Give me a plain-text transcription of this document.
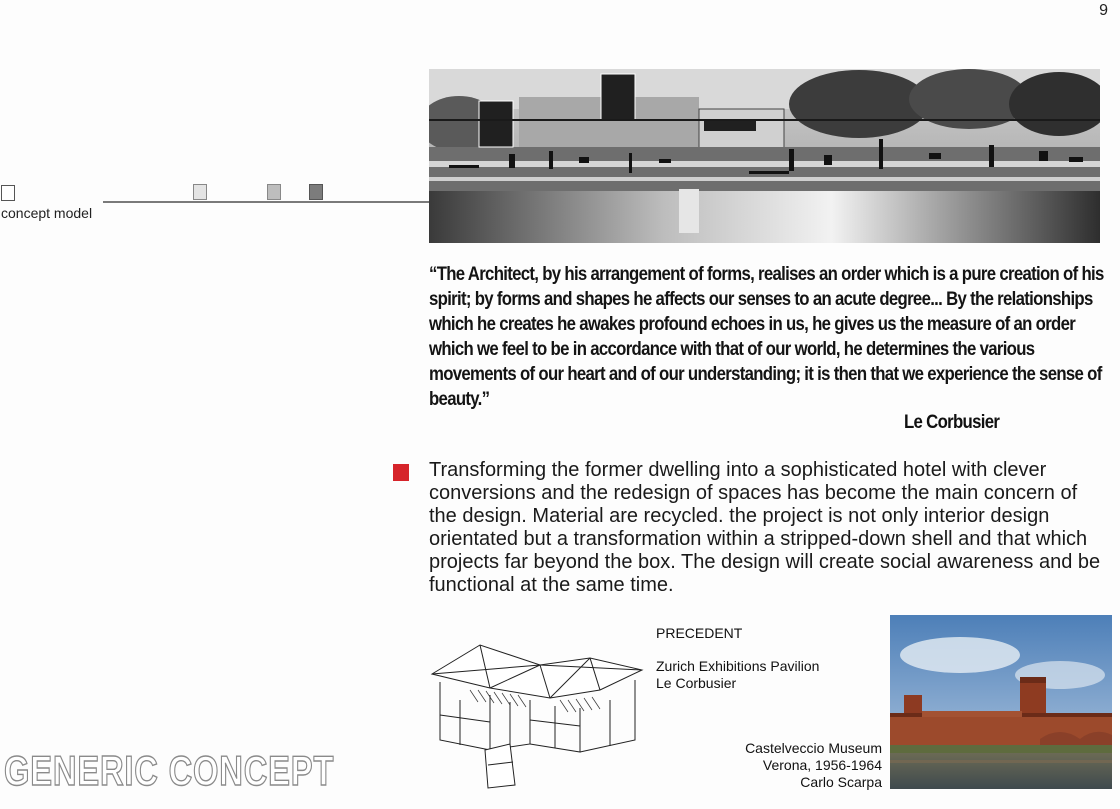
9
concept model

“The Architect, by his arrangement of forms, realises an order which is a pure creation of his spirit; by forms and shapes he affects our senses to an acute degree... By the relationships which he creates he awakes profound echoes in us, he gives us the measure of an order which we feel to be in accordance with that of our world, he determines the various movements of our heart and of our understanding; it is then that we experience the sense of beauty.”

Le Corbusier

Transforming the former dwelling into a sophisticated hotel with clever conversions and the redesign of spaces has become the main concern of the design. Material are recycled. the project is not only interior design orientated but a transformation within a stripped-down shell and that which projects far beyond the box. The design will create social awareness and be functional at the same time.

PRECEDENT
Zurich Exhibitions Pavilion
Le Corbusier
Castelveccio Museum
Verona, 1956-1964
Carlo Scarpa
GENERIC CONCEPT
